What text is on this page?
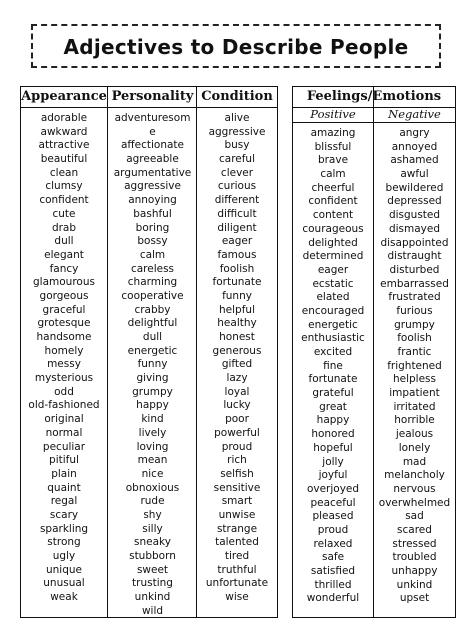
Adjectives to Describe People
Appearance
adorable
awkward
attractive
beautiful
clean
clumsy
confident
cute
drab
dull
elegant
fancy
glamourous
gorgeous
graceful
grotesque
handsome
homely
messy
mysterious
odd
old-fashioned
original
normal
peculiar
pitiful
plain
quaint
regal
scary
sparkling
strong
ugly
unique
unusual
weak
Personality
adventuresom
e
affectionate
agreeable
argumentative
aggressive
annoying
bashful
boring
bossy
calm
careless
charming
cooperative
crabby
delightful
dull
energetic
funny
giving
grumpy
happy
kind
lively
loving
mean
nice
obnoxious
rude
shy
silly
sneaky
stubborn
sweet
trusting
unkind
wild
Condition
alive
aggressive
busy
careful
clever
curious
different
difficult
diligent
eager
famous
foolish
fortunate
funny
helpful
healthy
honest
generous
gifted
lazy
loyal
lucky
poor
powerful
proud
rich
selfish
sensitive
smart
unwise
strange
talented
tired
truthful
unfortunate
wise
Feelings/Emotions
Positive
amazing
blissful
brave
calm
cheerful
confident
content
courageous
delighted
determined
eager
ecstatic
elated
encouraged
energetic
enthusiastic
excited
fine
fortunate
grateful
great
happy
honored
hopeful
jolly
joyful
overjoyed
peaceful
pleased
proud
relaxed
safe
satisfied
thrilled
wonderful
Negative
angry
annoyed
ashamed
awful
bewildered
depressed
disgusted
dismayed
disappointed
distraught
disturbed
embarrassed
frustrated
furious
grumpy
foolish
frantic
frightened
helpless
impatient
irritated
horrible
jealous
lonely
mad
melancholy
nervous
overwhelmed
sad
scared
stressed
troubled
unhappy
unkind
upset
